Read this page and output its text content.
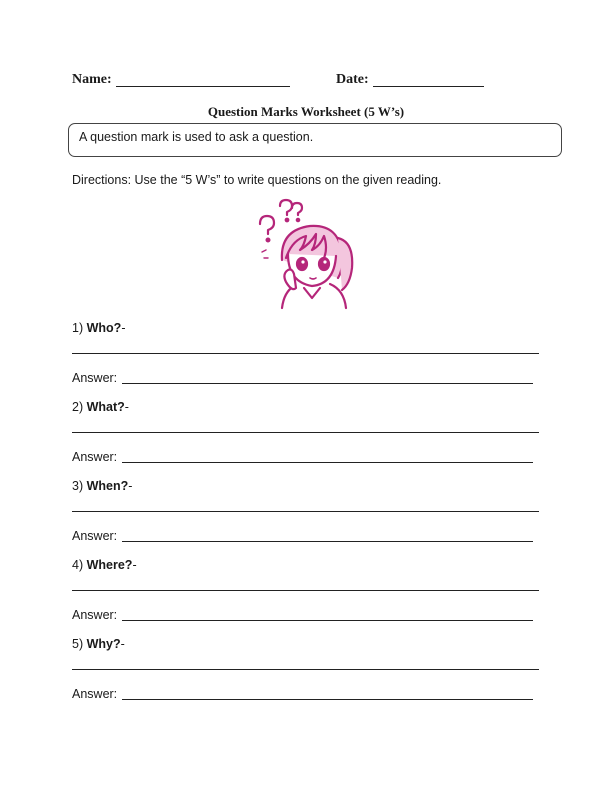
Name:	Date:
Question Marks Worksheet (5 W’s)
A question mark is used to ask a question.
Directions: Use the “5 W’s” to write questions on the given reading.
1) Who?-
Answer:
2) What?-
Answer:
3) When?-
Answer:
4) Where?-
Answer:
5) Why?-
Answer:
